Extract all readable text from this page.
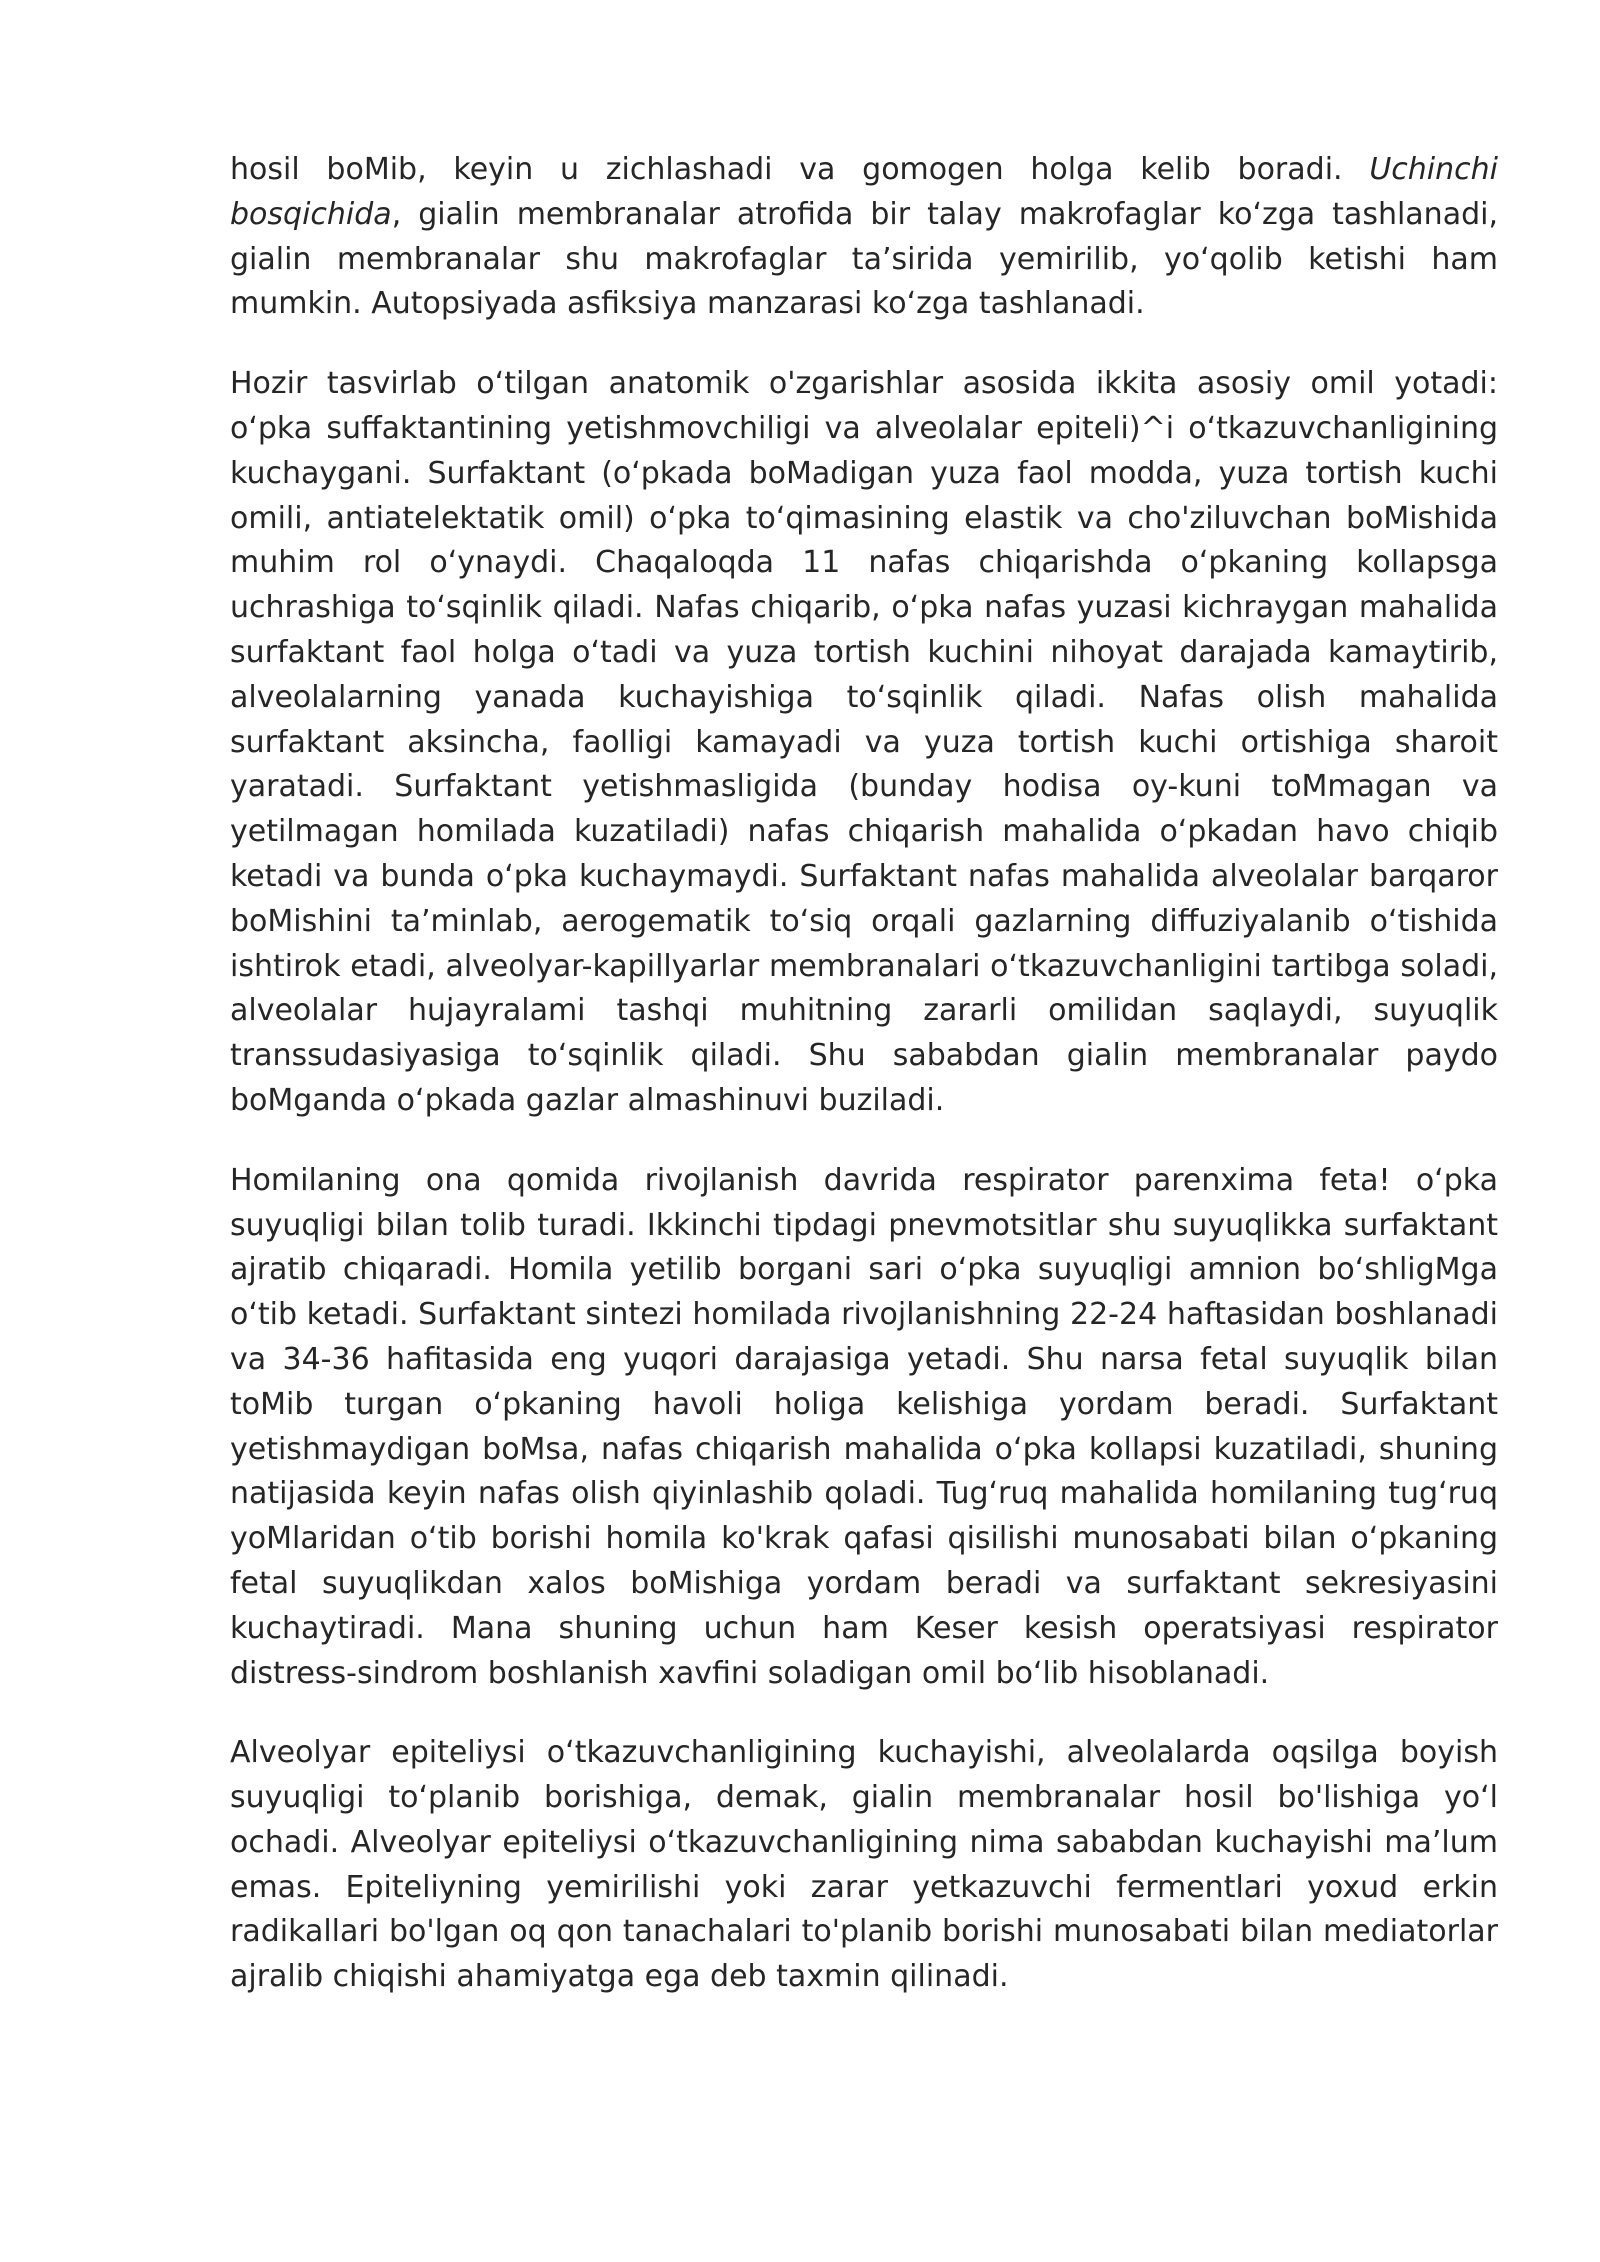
hosil boMib, keyin u zichlashadi va gomogen holga kelib boradi. Uchinchi bosqichida, gialin membranalar atrofida bir talay makrofaglar ko‘zga tashlanadi, gialin membranalar shu makrofaglar ta’sirida yemirilib, yo‘qolib ketishi ham mumkin. Autopsiyada asfiksiya manzarasi ko‘zga tashlanadi.

Hozir tasvirlab o‘tilgan anatomik o'zgarishlar asosida ikkita asosiy omil yotadi: o‘pka suffaktantining yetishmovchiligi va alveolalar epiteli)^i o‘tkazuvchanligining kuchaygani. Surfaktant (o‘pkada boMadigan yuza faol modda, yuza tortish kuchi omili, antiatelektatik omil) o‘pka to‘qimasining elastik va cho'ziluvchan boMishida muhim rol o‘ynaydi. Chaqaloqda 11 nafas chiqarishda o‘pkaning kollapsga uchrashiga to‘sqinlik qiladi. Nafas chiqarib, o‘pka nafas yuzasi kichraygan mahalida surfaktant faol holga o‘tadi va yuza tortish kuchini nihoyat darajada kamaytirib, alveolalarning yanada kuchayishiga to‘sqinlik qiladi. Nafas olish mahalida surfaktant aksincha, faolligi kamayadi va yuza tortish kuchi ortishiga sharoit yaratadi. Surfaktant yetishmasligida (bunday hodisa oy-kuni toMmagan va yetilmagan homilada kuzatiladi) nafas chiqarish mahalida o‘pkadan havo chiqib ketadi va bunda o‘pka kuchaymaydi. Surfaktant nafas mahalida alveolalar barqaror boMishini ta’minlab, aerogematik to‘siq orqali gazlarning diffuziyalanib o‘tishida ishtirok etadi, alveolyar-kapillyarlar membranalari o‘tkazuvchanligini tartibga soladi, alveolalar hujayralami tashqi muhitning zararli omilidan saqlaydi, suyuqlik transsudasiyasiga to‘sqinlik qiladi. Shu sababdan gialin membranalar paydo boMganda o‘pkada gazlar almashinuvi buziladi.

Homilaning ona qomida rivojlanish davrida respirator parenxima feta! o‘pka suyuqligi bilan tolib turadi. Ikkinchi tipdagi pnevmotsitlar shu suyuqlikka surfaktant ajratib chiqaradi. Homila yetilib borgani sari o‘pka suyuqligi amnion bo‘shligMga o‘tib ketadi. Surfaktant sintezi homilada rivojlanishning 22-24 haftasidan boshlanadi va 34-36 hafitasida eng yuqori darajasiga yetadi. Shu narsa fetal suyuqlik bilan toMib turgan o‘pkaning havoli holiga kelishiga yordam beradi. Surfaktant yetishmaydigan boMsa, nafas chiqarish mahalida o‘pka kollapsi kuzatiladi, shuning natijasida keyin nafas olish qiyinlashib qoladi. Tug‘ruq mahalida homilaning tug‘ruq yoMlaridan o‘tib borishi homila ko'krak qafasi qisilishi munosabati bilan o‘pkaning fetal suyuqlikdan xalos boMishiga yordam beradi va surfaktant sekresiyasini kuchaytiradi. Mana shuning uchun ham Keser kesish operatsiyasi respirator distress-sindrom boshlanish xavfini soladigan omil bo‘lib hisoblanadi.

Alveolyar epiteliysi o‘tkazuvchanligining kuchayishi, alveolalarda oqsilga boyish suyuqligi to‘planib borishiga, demak, gialin membranalar hosil bo'lishiga yo‘l ochadi. Alveolyar epiteliysi o‘tkazuvchanligining nima sababdan kuchayishi ma’lum emas. Epiteliyning yemirilishi yoki zarar yetkazuvchi fermentlari yoxud erkin radikallari bo'lgan oq qon tanachalari to'planib borishi munosabati bilan mediatorlar ajralib chiqishi ahamiyatga ega deb taxmin qilinadi.
